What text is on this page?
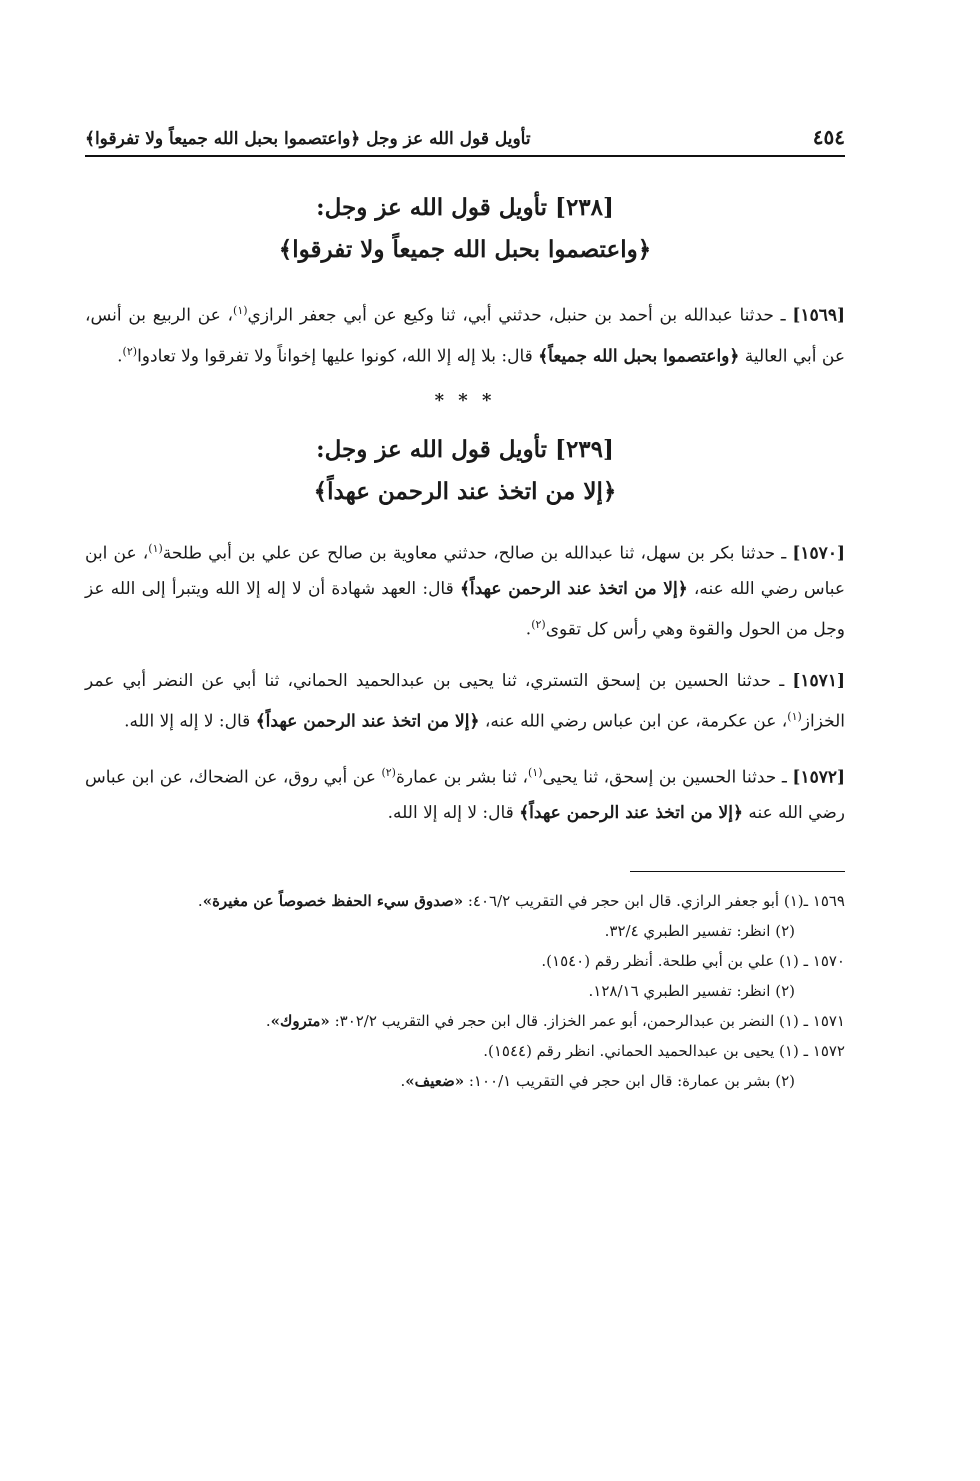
٤٥٤
تأويل قول الله عز وجل ﴿واعتصموا بحبل الله جميعاً ولا تفرقوا﴾
[٢٣٨] تأويل قول الله عز وجل:
﴿واعتصموا بحبل الله جميعاً ولا تفرقوا﴾

[١٥٦٩] ـ حدثنا عبدالله بن أحمد بن حنبل، حدثني أبي، ثنا وكيع عن أبي جعفر الرازي$^{(١)}$، عن الربيع بن أنس، عن أبي العالية ﴿واعتصموا بحبل الله جميعاً﴾ قال: بلا إله إلا الله، كونوا عليها إخواناً ولا تفرقوا ولا تعادوا$^{(٢)}$.

* * *
[٢٣٩] تأويل قول الله عز وجل:
﴿إلا من اتخذ عند الرحمن عهداً﴾

[١٥٧٠] ـ حدثنا بكر بن سهل، ثنا عبدالله بن صالح، حدثني معاوية بن صالح عن علي بن أبي طلحة$^{(١)}$، عن ابن عباس رضي الله عنه، ﴿إلا من اتخذ عند الرحمن عهداً﴾ قال: العهد شهادة أن لا إله إلا الله ويتبرأ إلى الله عز وجل من الحول والقوة وهي رأس كل تقوى$^{(٢)}$.

[١٥٧١] ـ حدثنا الحسين بن إسحق التستري، ثنا يحيى بن عبدالحميد الحماني، ثنا أبي عن النضر أبي عمر الخزاز$^{(١)}$، عن عكرمة، عن ابن عباس رضي الله عنه، ﴿إلا من اتخذ عند الرحمن عهداً﴾ قال: لا إله إلا الله.

[١٥٧٢] ـ حدثنا الحسين بن إسحق، ثنا يحيى$^{(١)}$، ثنا بشر بن عمارة$^{(٢)}$ عن أبي روق، عن الضحاك، عن ابن عباس رضي الله عنه ﴿إلا من اتخذ عند الرحمن عهداً﴾ قال: لا إله إلا الله.

١٥٦٩ ـ(١) أبو جعفر الرازي. قال ابن حجر في التقريب ٤٠٦/٢: «صدوق سيء الحفظ خصوصاً عن مغيرة».

(٢) انظر: تفسير الطبري ٣٢/٤.

١٥٧٠ ـ (١) علي بن أبي طلحة. أنظر رقم (١٥٤٠).

(٢) انظر: تفسير الطبري ١٢٨/١٦.

١٥٧١ ـ (١) النضر بن عبدالرحمن، أبو عمر الخزاز. قال ابن حجر في التقريب ٣٠٢/٢: «متروك».

١٥٧٢ ـ (١) يحيى بن عبدالحميد الحماني. انظر رقم (١٥٤٤).

(٢) بشر بن عمارة: قال ابن حجر في التقريب ١٠٠/١: «ضعيف».
